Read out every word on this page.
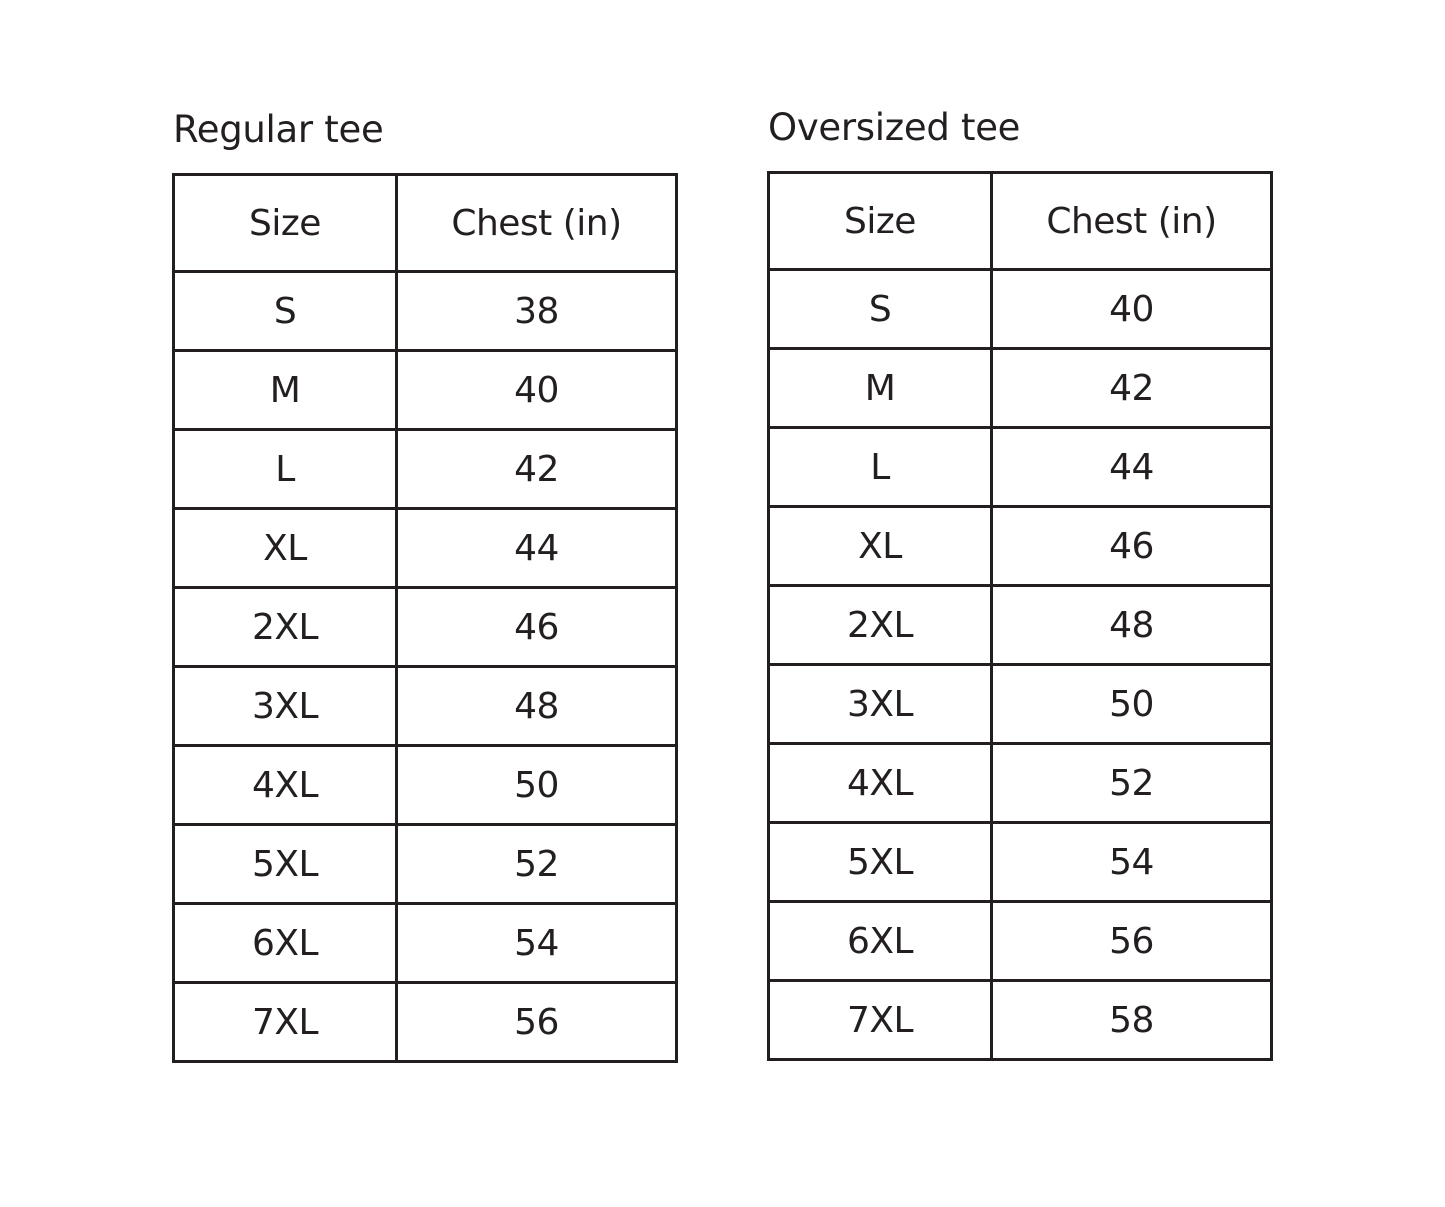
Regular tee
Size	Chest (in)
S	38
M	40
L	42
XL	44
2XL	46
3XL	48
4XL	50
5XL	52
6XL	54
7XL	56
Oversized tee
Size	Chest (in)
S	40
M	42
L	44
XL	46
2XL	48
3XL	50
4XL	52
5XL	54
6XL	56
7XL	58
